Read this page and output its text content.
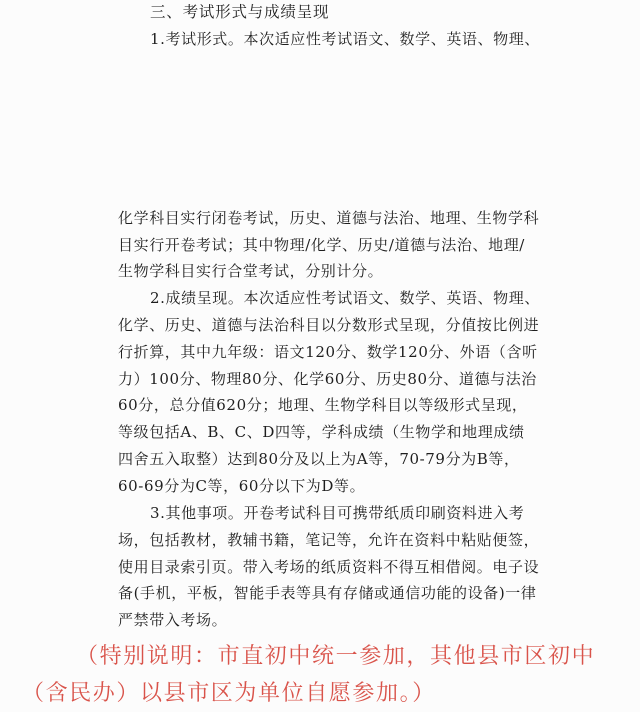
三、考试形式与成绩呈现
1.考试形式。本次适应性考试语文、数学、英语、物理、
化学科目实行闭卷考试，历史、道德与法治、地理、生物学科
目实行开卷考试；其中物理/化学、历史/道德与法治、地理/
生物学科目实行合堂考试，分别计分。
2.成绩呈现。本次适应性考试语文、数学、英语、物理、
化学、历史、道德与法治科目以分数形式呈现，分值按比例进
行折算，其中九年级：语文120分、数学120分、外语（含听
力）100分、物理80分、化学60分、历史80分、道德与法治
60分，总分值620分；地理、生物学科目以等级形式呈现，
等级包括A、B、C、D四等，学科成绩（生物学和地理成绩
四舍五入取整）达到80分及以上为A等，70-79分为B等，
60-69分为C等，60分以下为D等。
3.其他事项。开卷考试科目可携带纸质印刷资料进入考
场，包括教材，教辅书籍，笔记等，允许在资料中粘贴便签，
使用目录索引页。带入考场的纸质资料不得互相借阅。电子设
备(手机，平板，智能手表等具有存储或通信功能的设备)一律
严禁带入考场。
（特别说明：市直初中统一参加，其他县市区初中
（含民办）以县市区为单位自愿参加。）
